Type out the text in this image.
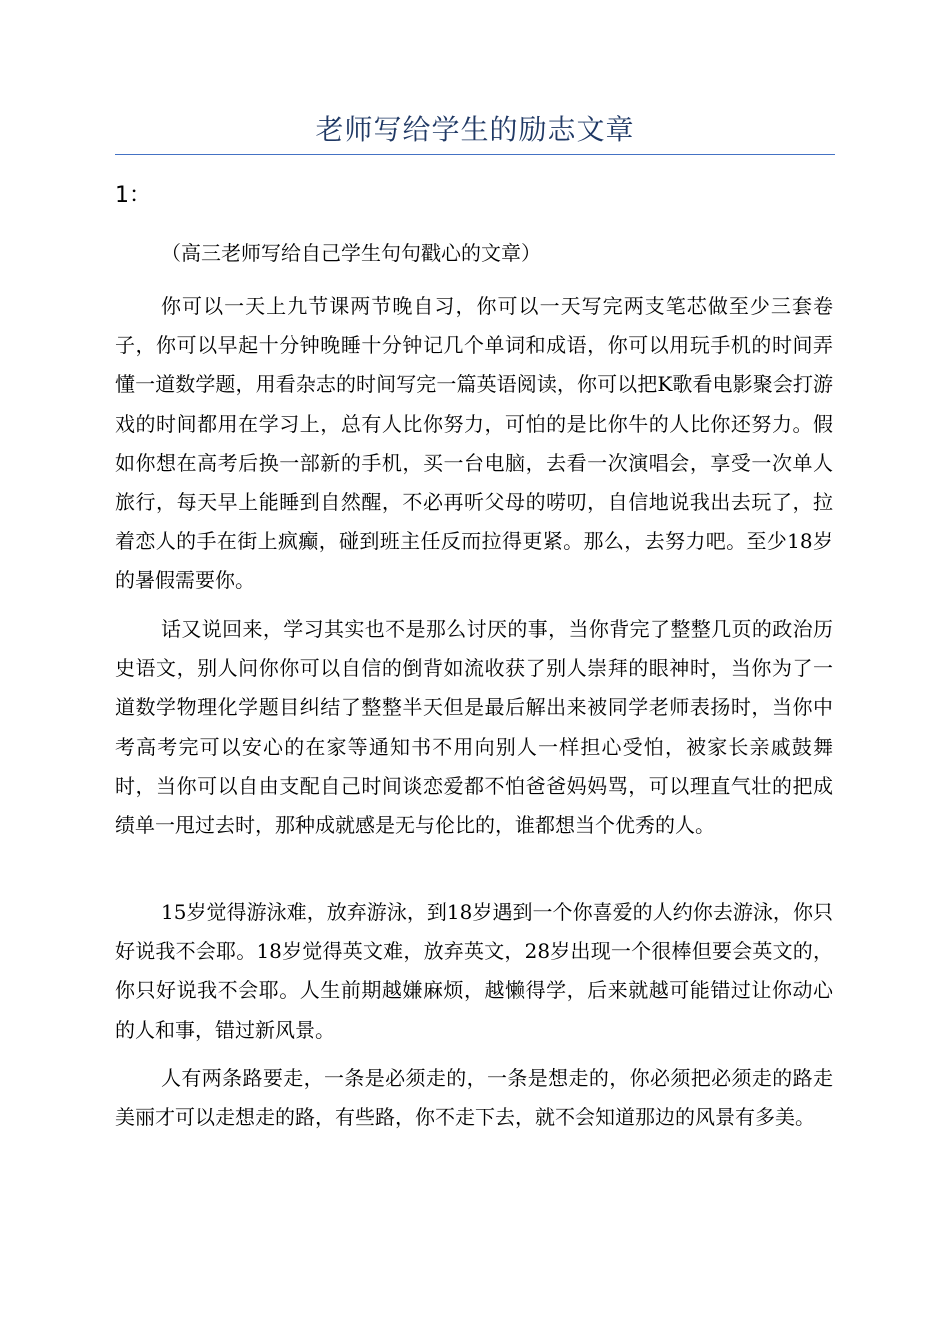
老师写给学生的励志文章
1：

（高三老师写给自己学生句句戳心的文章）

你可以一天上九节课两节晚自习，你可以一天写完两支笔芯做至少三套卷子，你可以早起十分钟晚睡十分钟记几个单词和成语，你可以用玩手机的时间弄懂一道数学题，用看杂志的时间写完一篇英语阅读，你可以把K歌看电影聚会打游戏的时间都用在学习上，总有人比你努力，可怕的是比你牛的人比你还努力。假如你想在高考后换一部新的手机，买一台电脑，去看一次演唱会，享受一次单人旅行，每天早上能睡到自然醒，不必再听父母的唠叨，自信地说我出去玩了，拉着恋人的手在街上疯癫，碰到班主任反而拉得更紧。那么，去努力吧。至少18岁的暑假需要你。

话又说回来，学习其实也不是那么讨厌的事，当你背完了整整几页的政治历史语文，别人问你你可以自信的倒背如流收获了别人崇拜的眼神时，当你为了一道数学物理化学题目纠结了整整半天但是最后解出来被同学老师表扬时，当你中考高考完可以安心的在家等通知书不用向别人一样担心受怕，被家长亲戚鼓舞时，当你可以自由支配自己时间谈恋爱都不怕爸爸妈妈骂，可以理直气壮的把成绩单一甩过去时，那种成就感是无与伦比的，谁都想当个优秀的人。

15岁觉得游泳难，放弃游泳，到18岁遇到一个你喜爱的人约你去游泳，你只好说我不会耶。18岁觉得英文难，放弃英文，28岁出现一个很棒但要会英文的，你只好说我不会耶。人生前期越嫌麻烦，越懒得学，后来就越可能错过让你动心的人和事，错过新风景。

人有两条路要走，一条是必须走的，一条是想走的，你必须把必须走的路走美丽才可以走想走的路，有些路，你不走下去，就不会知道那边的风景有多美。
